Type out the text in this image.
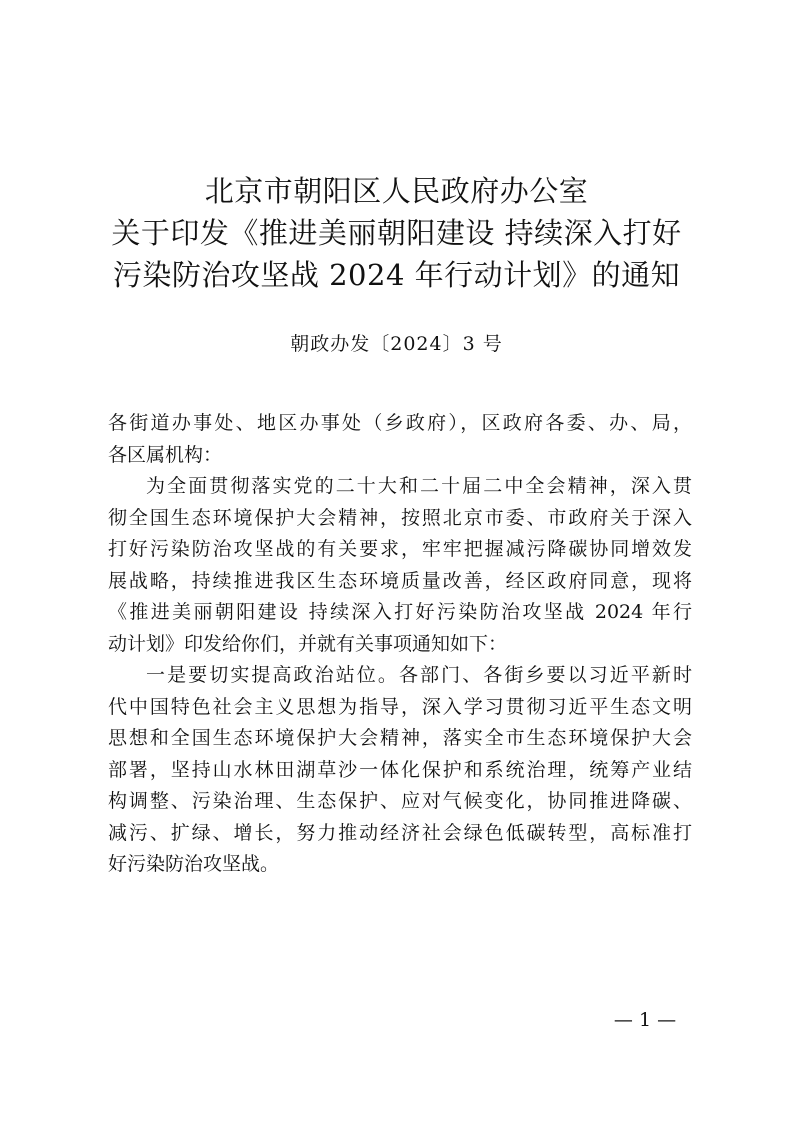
北京市朝阳区人民政府办公室
关于印发《推进美丽朝阳建设 持续深入打好
污染防治攻坚战 2024 年行动计划》的通知
朝政办发〔2024〕3 号
各街道办事处、地区办事处（乡政府），区政府各委、办、局，
各区属机构：
为全面贯彻落实党的二十大和二十届二中全会精神，深入贯
彻全国生态环境保护大会精神，按照北京市委、市政府关于深入
打好污染防治攻坚战的有关要求，牢牢把握减污降碳协同增效发
展战略，持续推进我区生态环境质量改善，经区政府同意，现将
《推进美丽朝阳建设 持续深入打好污染防治攻坚战 2024 年行
动计划》印发给你们，并就有关事项通知如下：
一是要切实提高政治站位。各部门、各街乡要以习近平新时
代中国特色社会主义思想为指导，深入学习贯彻习近平生态文明
思想和全国生态环境保护大会精神，落实全市生态环境保护大会
部署，坚持山水林田湖草沙一体化保护和系统治理，统筹产业结
构调整、污染治理、生态保护、应对气候变化，协同推进降碳、
减污、扩绿、增长，努力推动经济社会绿色低碳转型，高标准打
好污染防治攻坚战。
— 1 —
